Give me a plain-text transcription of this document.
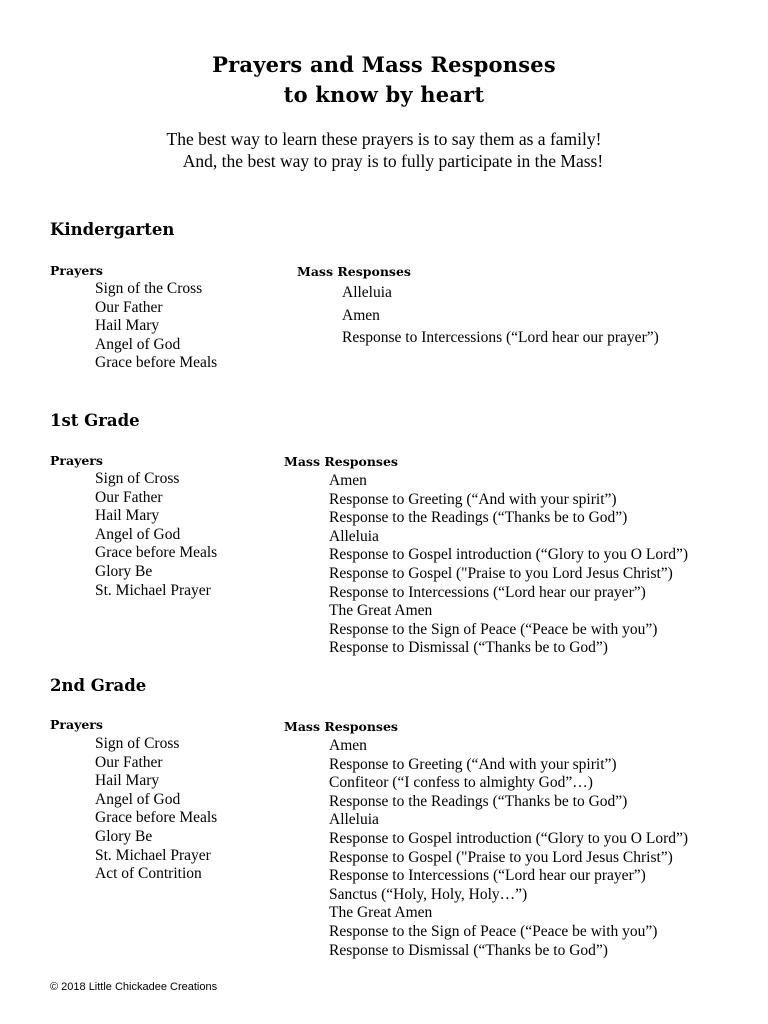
Prayers and Mass Responses
to know by heart
The best way to learn these prayers is to say them as a family!
And, the best way to pray is to fully participate in the Mass!
Kindergarten
Prayers
Sign of the Cross
Our Father
Hail Mary
Angel of God
Grace before Meals
Mass Responses
Alleluia
Amen
Response to Intercessions (“Lord hear our prayer”)
1st Grade
Prayers
Sign of Cross
Our Father
Hail Mary
Angel of God
Grace before Meals
Glory Be
St. Michael Prayer
Mass Responses
Amen
Response to Greeting (“And with your spirit”)
Response to the Readings (“Thanks be to God”)
Alleluia
Response to Gospel introduction (“Glory to you O Lord”)
Response to Gospel ("Praise to you Lord Jesus Christ”)
Response to Intercessions (“Lord hear our prayer”)
The Great Amen
Response to the Sign of Peace (“Peace be with you”)
Response to Dismissal (“Thanks be to God”)
2nd Grade
Prayers
Sign of Cross
Our Father
Hail Mary
Angel of God
Grace before Meals
Glory Be
St. Michael Prayer
Act of Contrition
Mass Responses
Amen
Response to Greeting (“And with your spirit”)
Confiteor (“I confess to almighty God”…)
Response to the Readings (“Thanks be to God”)
Alleluia
Response to Gospel introduction (“Glory to you O Lord”)
Response to Gospel ("Praise to you Lord Jesus Christ”)
Response to Intercessions (“Lord hear our prayer”)
Sanctus (“Holy, Holy, Holy…”)
The Great Amen
Response to the Sign of Peace (“Peace be with you”)
Response to Dismissal (“Thanks be to God”)
© 2018 Little Chickadee Creations
